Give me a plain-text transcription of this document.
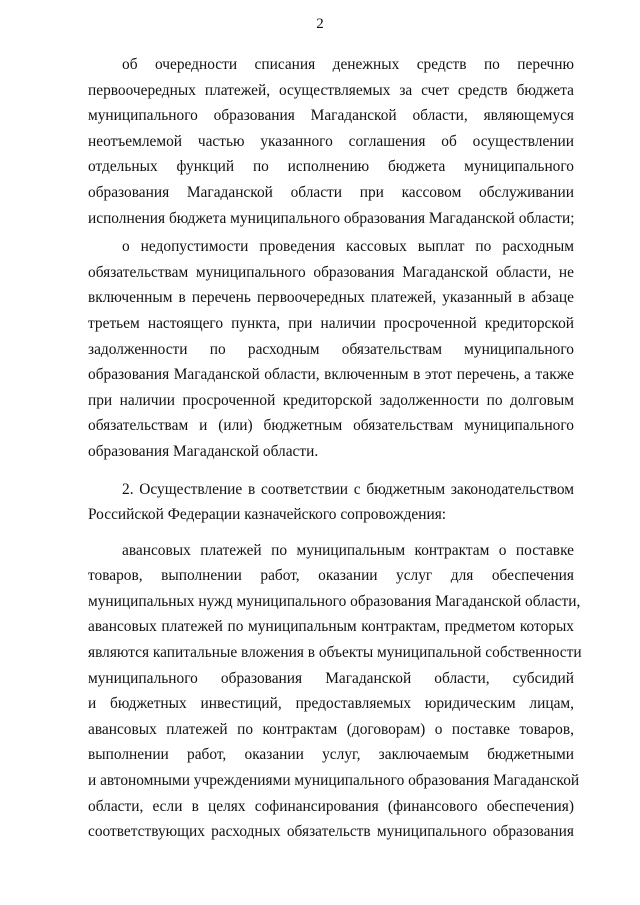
2
об очередности списания денежных средств по перечню
первоочередных платежей, осуществляемых за счет средств бюджета
муниципального образования Магаданской области, являющемуся
неотъемлемой частью указанного соглашения об осуществлении
отдельных функций по исполнению бюджета муниципального
образования Магаданской области при кассовом обслуживании
исполнения бюджета муниципального образования Магаданской области;
о недопустимости проведения кассовых выплат по расходным
обязательствам муниципального образования Магаданской области, не
включенным в перечень первоочередных платежей, указанный в абзаце
третьем настоящего пункта, при наличии просроченной кредиторской
задолженности по расходным обязательствам муниципального
образования Магаданской области, включенным в этот перечень, а также
при наличии просроченной кредиторской задолженности по долговым
обязательствам и (или) бюджетным обязательствам муниципального
образования Магаданской области.
2. Осуществление в соответствии с бюджетным законодательством
Российской Федерации казначейского сопровождения:
авансовых платежей по муниципальным контрактам о поставке
товаров, выполнении работ, оказании услуг для обеспечения
муниципальных нужд муниципального образования Магаданской области,
авансовых платежей по муниципальным контрактам, предметом которых
являются капитальные вложения в объекты муниципальной собственности
муниципального образования Магаданской области, субсидий
и бюджетных инвестиций, предоставляемых юридическим лицам,
авансовых платежей по контрактам (договорам) о поставке товаров,
выполнении работ, оказании услуг, заключаемым бюджетными
и автономными учреждениями муниципального образования Магаданской
области, если в целях софинансирования (финансового обеспечения)
соответствующих расходных обязательств муниципального образования
